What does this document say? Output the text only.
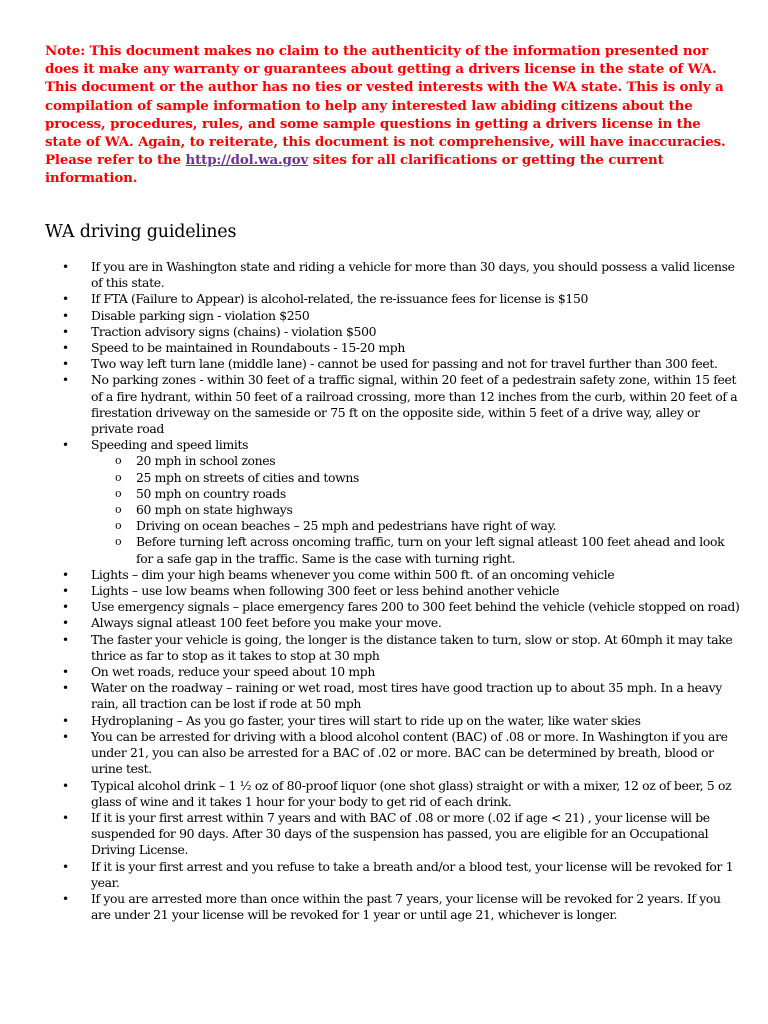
Note: This document makes no claim to the authenticity of the information presented nor does it make any warranty or guarantees about getting a drivers license in the state of WA. This document or the author has no ties or vested interests with the WA state. This is only a compilation of sample information to help any interested law abiding citizens about the process, procedures, rules, and some sample questions in getting a drivers license in the state of WA. Again, to reiterate, this document is not comprehensive, will have inaccuracies. Please refer to the http://dol.wa.gov sites for all clarifications or getting the current information.

WA driving guidelines
• If you are in Washington state and riding a vehicle for more than 30 days, you should possess a valid license of this state.
• If FTA (Failure to Appear) is alcohol-related, the re-issuance fees for license is $150
• Disable parking sign - violation $250
• Traction advisory signs (chains) - violation $500
• Speed to be maintained in Roundabouts - 15-20 mph
• Two way left turn lane (middle lane) - cannot be used for passing and not for travel further than 300 feet.
• No parking zones - within 30 feet of a traffic signal, within 20 feet of a pedestrain safety zone, within 15 feet of a fire hydrant, within 50 feet of a railroad crossing, more than 12 inches from the curb, within 20 feet of a firestation driveway on the sameside or 75 ft on the opposite side, within 5 feet of a drive way, alley or private road
• Speeding and speed limits
o 20 mph in school zones
o 25 mph on streets of cities and towns
o 50 mph on country roads
o 60 mph on state highways
o Driving on ocean beaches – 25 mph and pedestrians have right of way.
o Before turning left across oncoming traffic, turn on your left signal atleast 100 feet ahead and look for a safe gap in the traffic. Same is the case with turning right.
• Lights – dim your high beams whenever you come within 500 ft. of an oncoming vehicle
• Lights – use low beams when following 300 feet or less behind another vehicle
• Use emergency signals – place emergency fares 200 to 300 feet behind the vehicle (vehicle stopped on road)
• Always signal atleast 100 feet before you make your move.
• The faster your vehicle is going, the longer is the distance taken to turn, slow or stop. At 60mph it may take thrice as far to stop as it takes to stop at 30 mph
• On wet roads, reduce your speed about 10 mph
• Water on the roadway – raining or wet road, most tires have good traction up to about 35 mph. In a heavy rain, all traction can be lost if rode at 50 mph
• Hydroplaning – As you go faster, your tires will start to ride up on the water, like water skies
• You can be arrested for driving with a blood alcohol content (BAC) of .08 or more. In Washington if you are under 21, you can also be arrested for a BAC of .02 or more. BAC can be determined by breath, blood or urine test.
• Typical alcohol drink – 1 ½ oz of 80-proof liquor (one shot glass) straight or with a mixer, 12 oz of beer, 5 oz glass of wine and it takes 1 hour for your body to get rid of each drink.
• If it is your first arrest within 7 years and with BAC of .08 or more (.02 if age < 21) , your license will be suspended for 90 days. After 30 days of the suspension has passed, you are eligible for an Occupational Driving License.
• If it is your first arrest and you refuse to take a breath and/or a blood test, your license will be revoked for 1 year.
• If you are arrested more than once within the past 7 years, your license will be revoked for 2 years. If you are under 21 your license will be revoked for 1 year or until age 21, whichever is longer.
